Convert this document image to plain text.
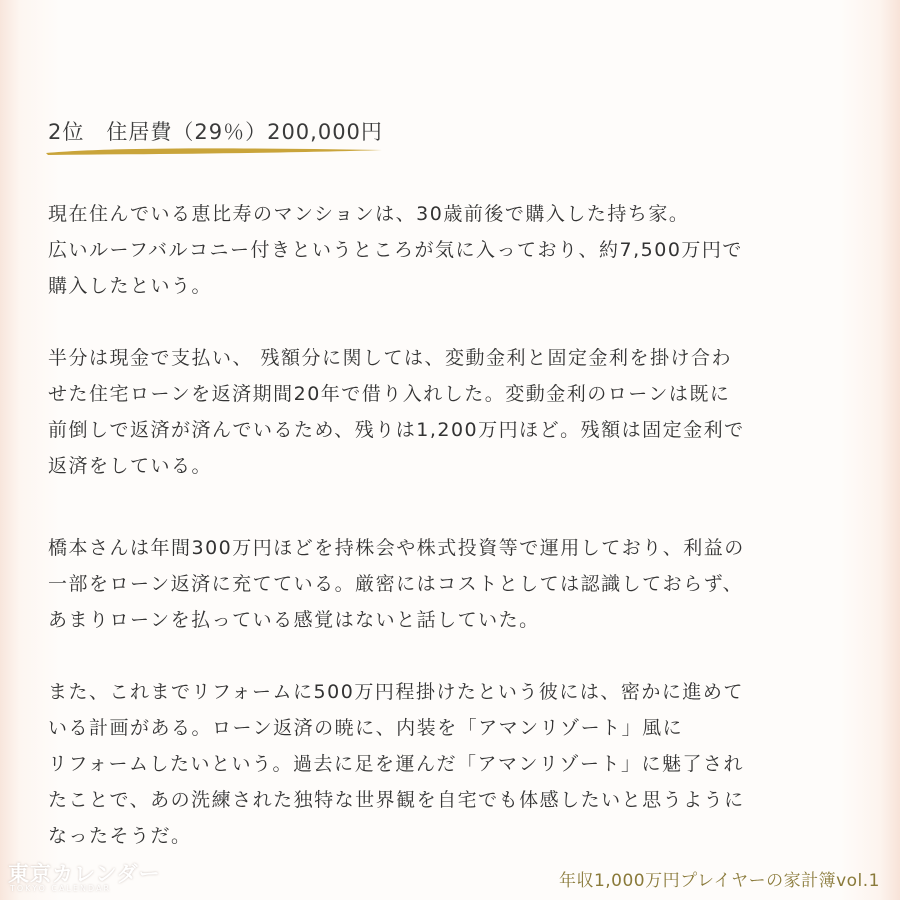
2位　住居費（29％）200,000円
現在住んでいる恵比寿のマンションは、30歳前後で購入した持ち家。
広いルーフバルコニー付きというところが気に入っており、約7,500万円で
購入したという。
半分は現金で支払い、 残額分に関しては、変動金利と固定金利を掛け合わ
せた住宅ローンを返済期間20年で借り入れした。変動金利のローンは既に
前倒しで返済が済んでいるため、残りは1,200万円ほど。残額は固定金利で
返済をしている。
橋本さんは年間300万円ほどを持株会や株式投資等で運用しており、利益の
一部をローン返済に充てている。厳密にはコストとしては認識しておらず、
あまりローンを払っている感覚はないと話していた。
また、これまでリフォームに500万円程掛けたという彼には、密かに進めて
いる計画がある。ローン返済の暁に、内装を「アマンリゾート」風に
リフォームしたいという。過去に足を運んだ「アマンリゾート」に魅了され
たことで、あの洗練された独特な世界観を自宅でも体感したいと思うように
なったそうだ。
東京カレンダー
TOKYO CALENDAR	年収1,000万円プレイヤーの家計簿vol.1
